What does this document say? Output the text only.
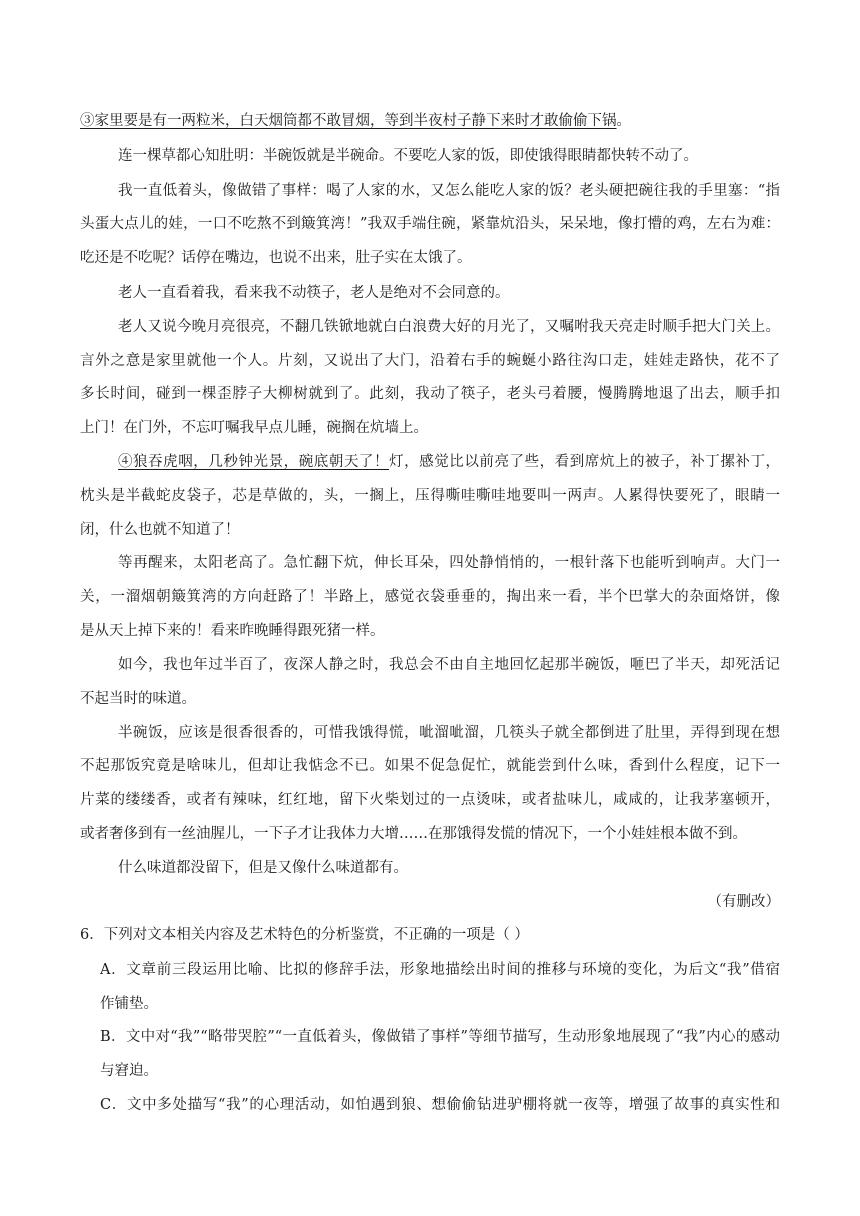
③家里要是有一两粒米，白天烟筒都不敢冒烟，等到半夜村子静下来时才敢偷偷下锅。
连一棵草都心知肚明：半碗饭就是半碗命。不要吃人家的饭，即使饿得眼睛都快转不动了。
我一直低着头，像做错了事样：喝了人家的水，又怎么能吃人家的饭？老头硬把碗往我的手里塞：“指
头蛋大点儿的娃，一口不吃熬不到簸箕湾！”我双手端住碗，紧靠炕沿头，呆呆地，像打懵的鸡，左右为难：
吃还是不吃呢？话停在嘴边，也说不出来，肚子实在太饿了。
老人一直看着我，看来我不动筷子，老人是绝对不会同意的。
老人又说今晚月亮很亮，不翻几铁锨地就白白浪费大好的月光了，又嘱咐我天亮走时顺手把大门关上。
言外之意是家里就他一个人。片刻，又说出了大门，沿着右手的蜿蜒小路往沟口走，娃娃走路快，花不了
多长时间，碰到一棵歪脖子大柳树就到了。此刻，我动了筷子，老头弓着腰，慢腾腾地退了出去，顺手扣
上门！在门外，不忘叮嘱我早点儿睡，碗搁在炕墙上。
④狼吞虎咽，几秒钟光景，碗底朝天了！灯，感觉比以前亮了些，看到席炕上的被子，补丁摞补丁，
枕头是半截蛇皮袋子，芯是草做的，头，一搁上，压得嘶哇嘶哇地要叫一两声。人累得快要死了，眼睛一
闭，什么也就不知道了！
等再醒来，太阳老高了。急忙翻下炕，伸长耳朵，四处静悄悄的，一根针落下也能听到响声。大门一
关，一溜烟朝簸箕湾的方向赶路了！半路上，感觉衣袋垂垂的，掏出来一看，半个巴掌大的杂面烙饼，像
是从天上掉下来的！看来昨晚睡得跟死猪一样。
如今，我也年过半百了，夜深人静之时，我总会不由自主地回忆起那半碗饭，咂巴了半天，却死活记
不起当时的味道。
半碗饭，应该是很香很香的，可惜我饿得慌，呲溜呲溜，几筷头子就全都倒进了肚里，弄得到现在想
不起那饭究竟是啥味儿，但却让我惦念不已。如果不促急促忙，就能尝到什么味，香到什么程度，记下一
片菜的缕缕香，或者有辣味，红红地，留下火柴划过的一点烫味，或者盐味儿，咸咸的，让我茅塞顿开，
或者奢侈到有一丝油腥儿，一下子才让我体力大增……在那饿得发慌的情况下，一个小娃娃根本做不到。
什么味道都没留下，但是又像什么味道都有。
（有删改）
6．下列对文本相关内容及艺术特色的分析鉴赏，不正确的一项是（ ）
A．文章前三段运用比喻、比拟的修辞手法，形象地描绘出时间的推移与环境的变化，为后文“我”借宿
作铺垫。
B．文中对“我”“略带哭腔”“一直低着头，像做错了事样”等细节描写，生动形象地展现了“我”内心的感动
与窘迫。
C．文中多处描写“我”的心理活动，如怕遇到狼、想偷偷钻进驴棚将就一夜等，增强了故事的真实性和
